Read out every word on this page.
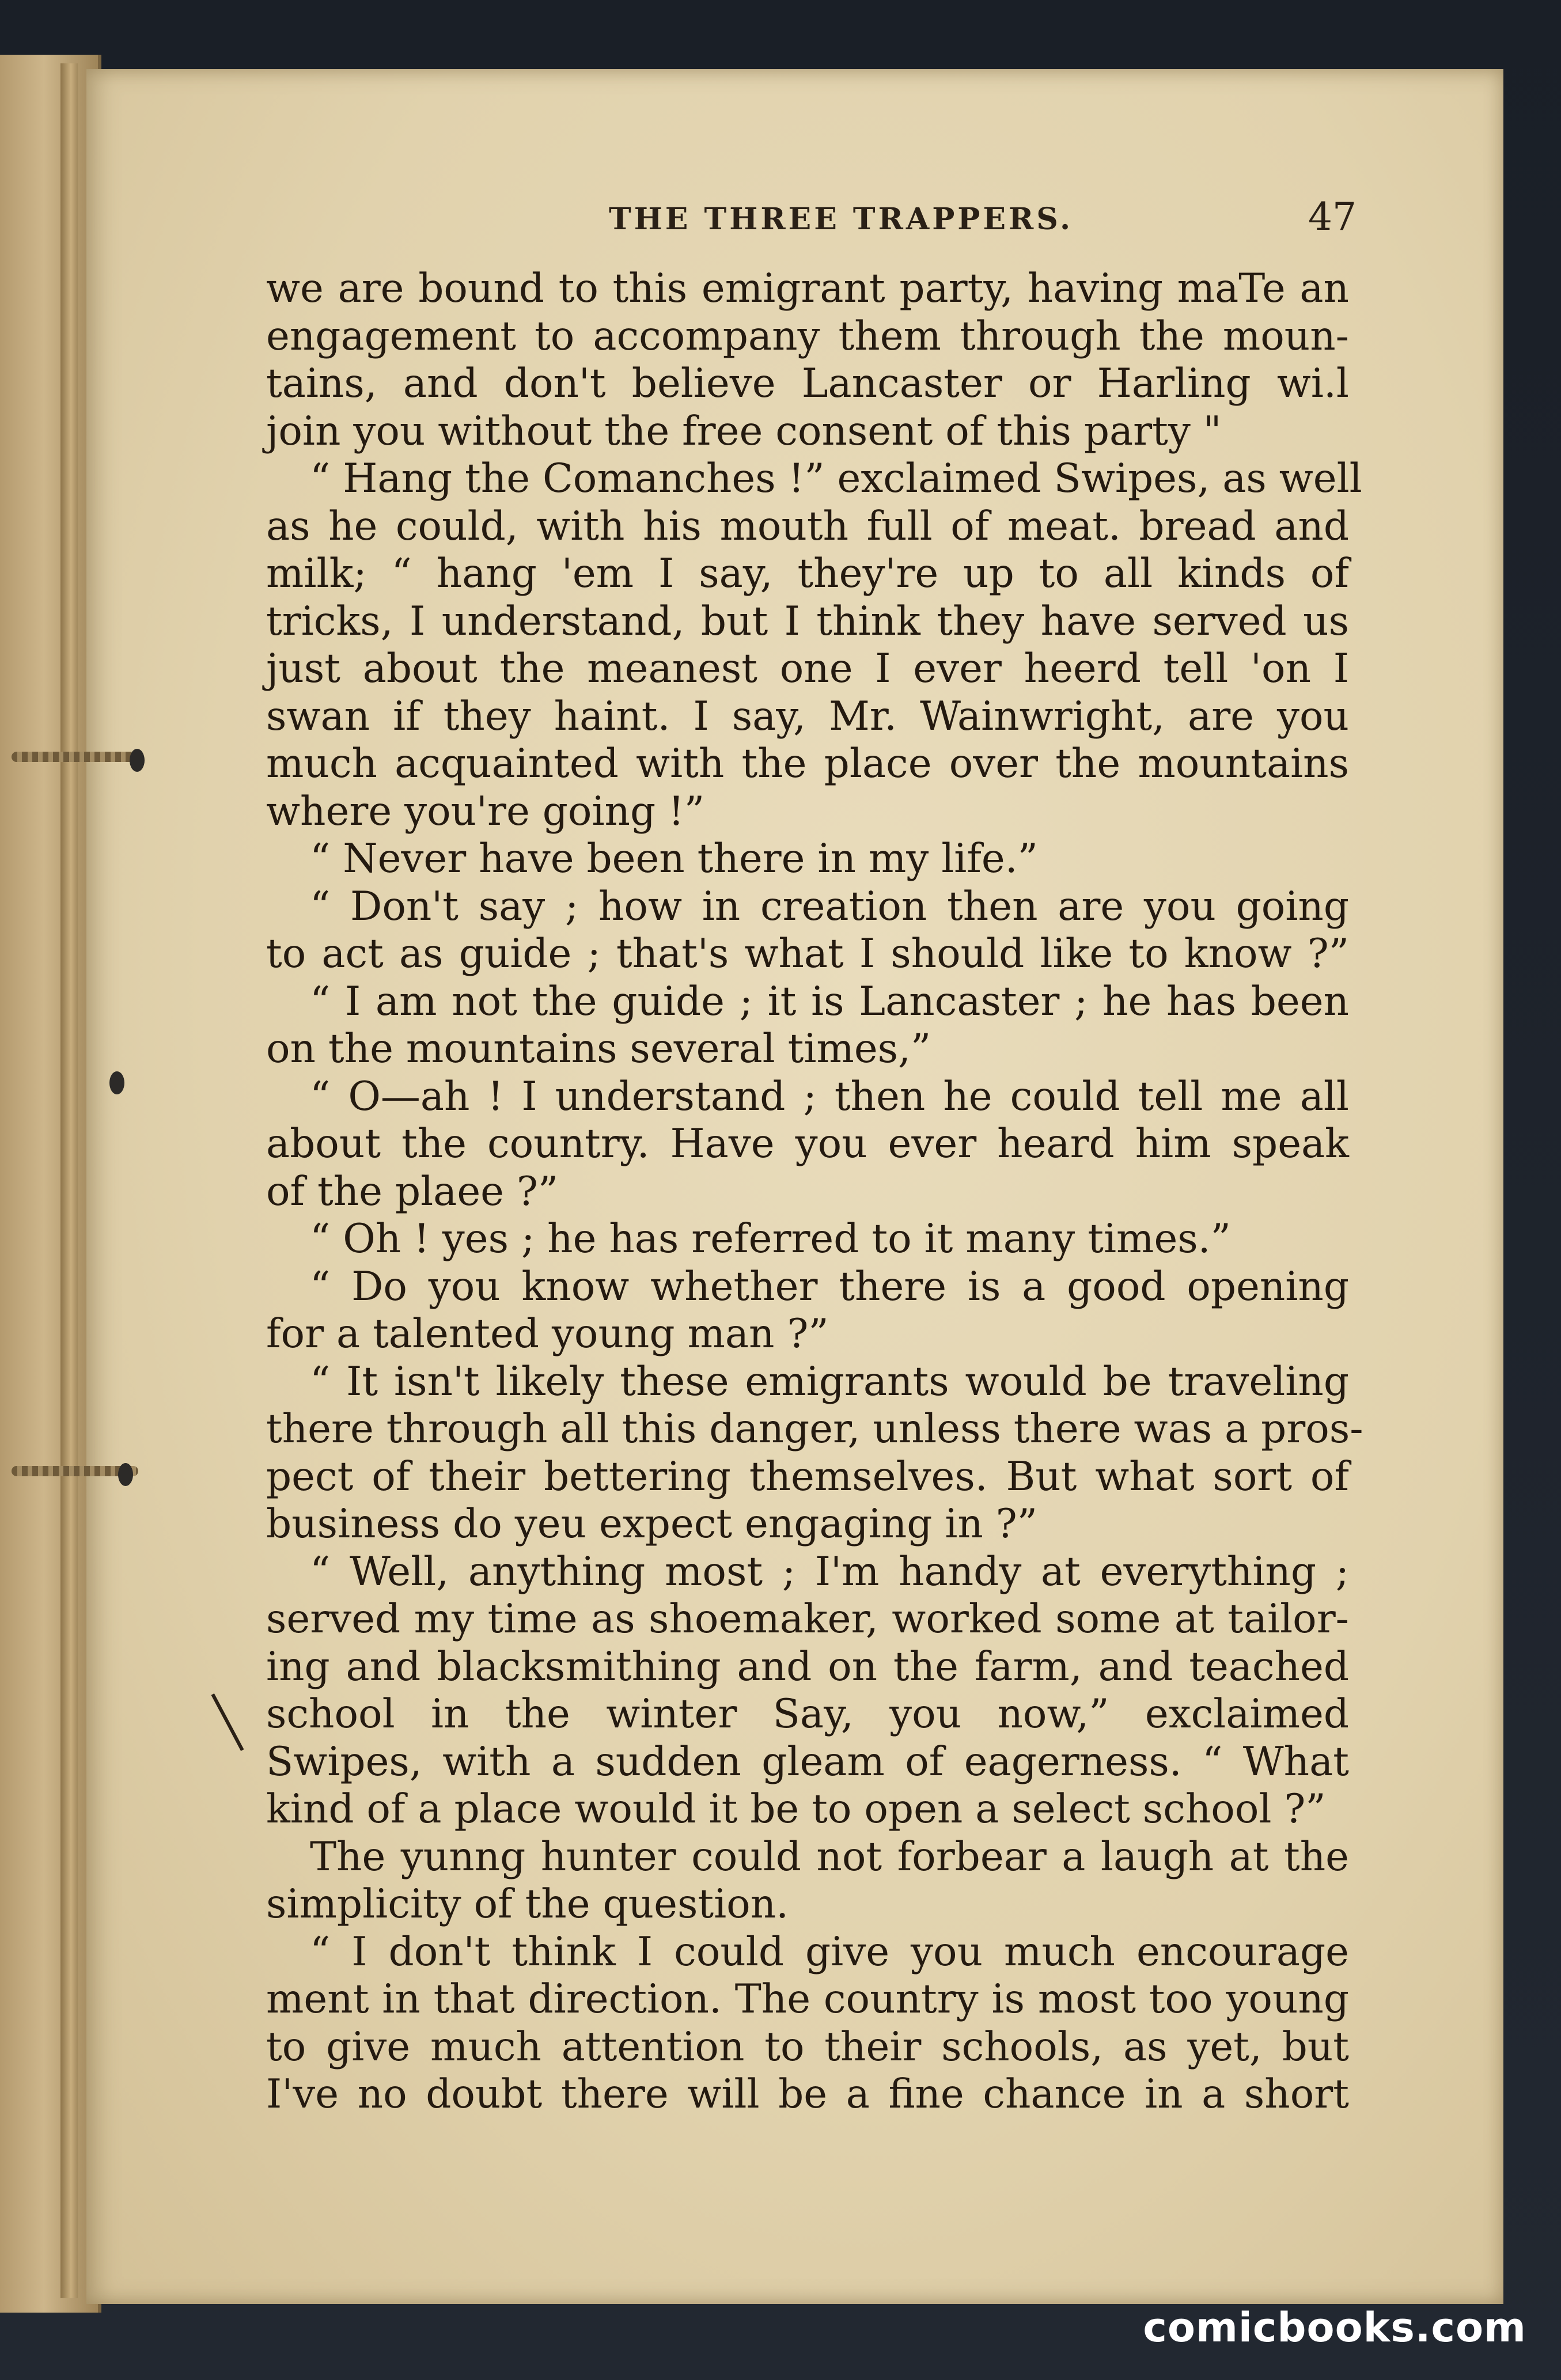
THE THREE TRAPPERS.	47
we are bound to this emigrant party, having maTe an
engagement to accompany them through the moun-
tains, and don't believe Lancaster or Harling wi.l
join you without the free consent of this party "
“ Hang the Comanches !” exclaimed Swipes, as well
as he could, with his mouth full of meat. bread and
milk; “ hang 'em I say, they're up to all kinds of
tricks, I understand, but I think they have served us
just about the meanest one I ever heerd tell 'on I
swan if they haint. I say, Mr. Wainwright, are you
much acquainted with the place over the mountains
where you're going !”
“ Never have been there in my life.”
“ Don't say ; how in creation then are you going
to act as guide ; that's what I should like to know ?”
“ I am not the guide ; it is Lancaster ; he has been
on the mountains several times,”
“ O—ah ! I understand ; then he could tell me all
about the country. Have you ever heard him speak
of the plaee ?”
“ Oh ! yes ; he has referred to it many times.”
“ Do you know whether there is a good opening
for a talented young man ?”
“ It isn't likely these emigrants would be traveling
there through all this danger, unless there was a pros-
pect of their bettering themselves. But what sort of
business do yeu expect engaging in ?”
“ Well, anything most ; I'm handy at everything ;
served my time as shoemaker, worked some at tailor-
ing and blacksmithing and on the farm, and teached
school in the winter Say, you now,” exclaimed
Swipes, with a sudden gleam of eagerness. “ What
kind of a place would it be to open a select school ?”
The yunng hunter could not forbear a laugh at the
simplicity of the question.
“ I don't think I could give you much encourage
ment in that direction. The country is most too young
to give much attention to their schools, as yet, but
I've no doubt there will be a fine chance in a short
comicbooks.com
